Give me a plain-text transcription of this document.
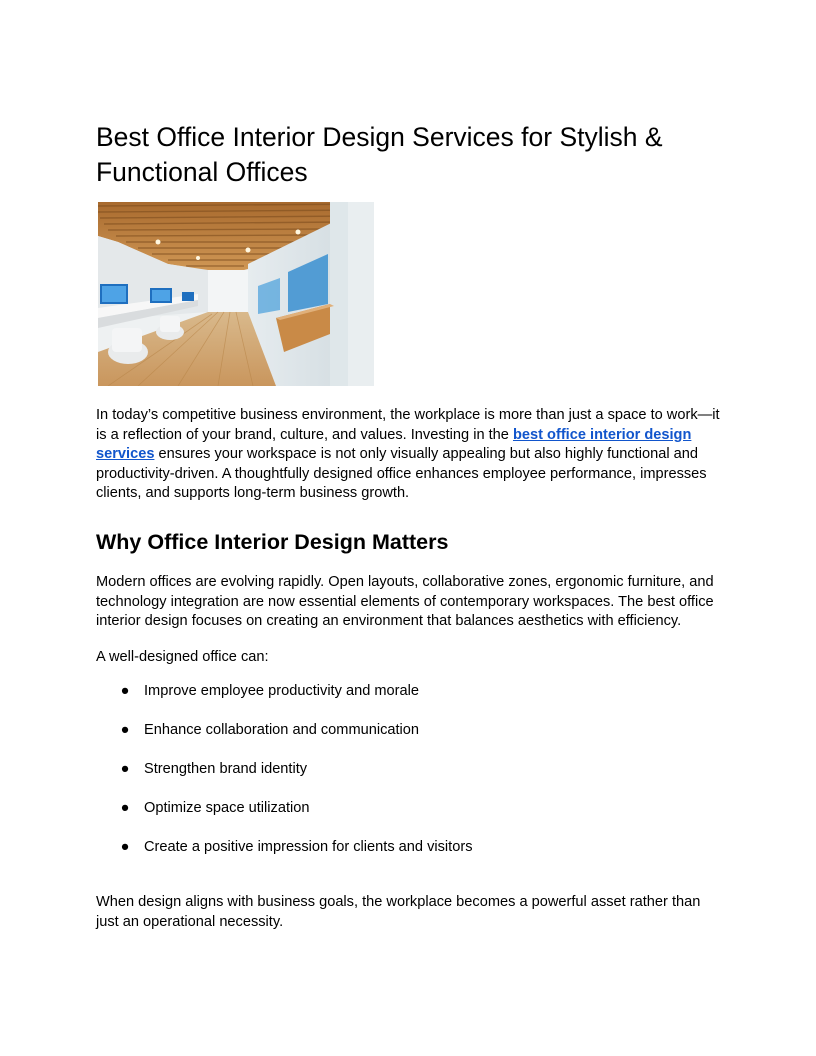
Best Office Interior Design Services for Stylish & Functional Offices

In today’s competitive business environment, the workplace is more than just a space to work—it is a reflection of your brand, culture, and values. Investing in the best office interior design services ensures your workspace is not only visually appealing but also highly functional and productivity-driven. A thoughtfully designed office enhances employee performance, impresses clients, and supports long-term business growth.

Why Office Interior Design Matters

Modern offices are evolving rapidly. Open layouts, collaborative zones, ergonomic furniture, and technology integration are now essential elements of contemporary workspaces. The best office interior design focuses on creating an environment that balances aesthetics with efficiency.

A well-designed office can:

● Improve employee productivity and morale
● Enhance collaboration and communication
● Strengthen brand identity
● Optimize space utilization
● Create a positive impression for clients and visitors

When design aligns with business goals, the workplace becomes a powerful asset rather than just an operational necessity.
